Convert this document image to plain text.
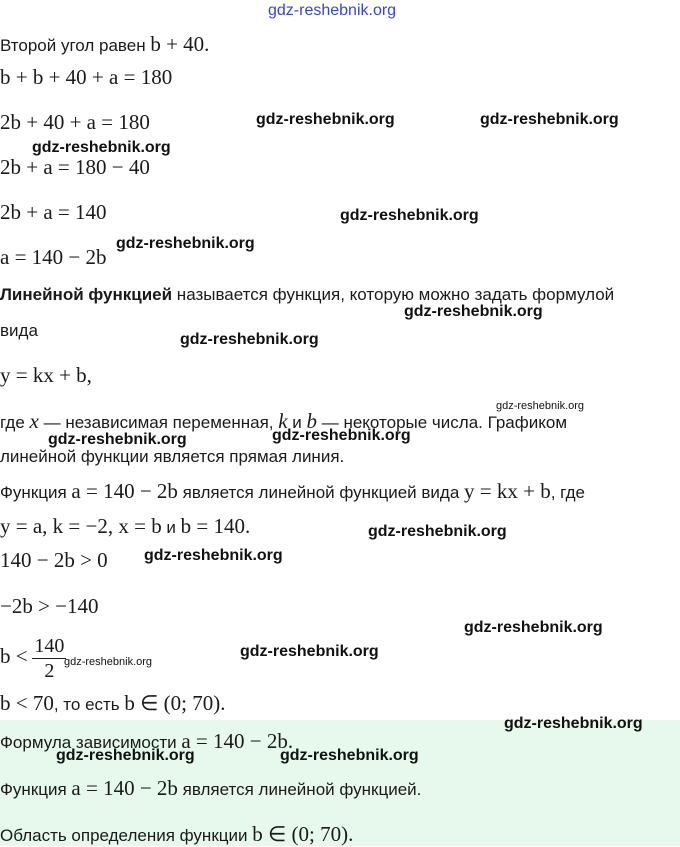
gdz-reshebnik.org
Второй угол равен b + 40.
b + b + 40 + a = 180
2b + 40 + a = 180
2b + a = 180 − 40
2b + a = 140
a = 140 − 2b
Линейной функцией называется функция, которую можно задать формулой
вида
y = kx + b,
где x — независимая переменная, k и b — некоторые числа. Графиком
линейной функции является прямая линия.
Функция a = 140 − 2b является линейной функцией вида y = kx + b, где
y = a, k = −2, x = b и b = 140.
140 − 2b > 0
−2b > −140
$b < \frac{140}{2}$
b < 70, то есть b ∈ (0; 70).
Формула зависимости a = 140 − 2b.
Функция a = 140 − 2b является линейной функцией.
Область определения функции b ∈ (0; 70).
gdz-reshebnik.org	gdz-reshebnik.org
gdz-reshebnik.org
gdz-reshebnik.org
gdz-reshebnik.org
gdz-reshebnik.org
gdz-reshebnik.org
gdz-reshebnik.org
gdz-reshebnik.org	gdz-reshebnik.org
gdz-reshebnik.org
gdz-reshebnik.org
gdz-reshebnik.org
gdz-reshebnik.org
gdz-reshebnik.org
gdz-reshebnik.org
gdz-reshebnik.org	gdz-reshebnik.org
